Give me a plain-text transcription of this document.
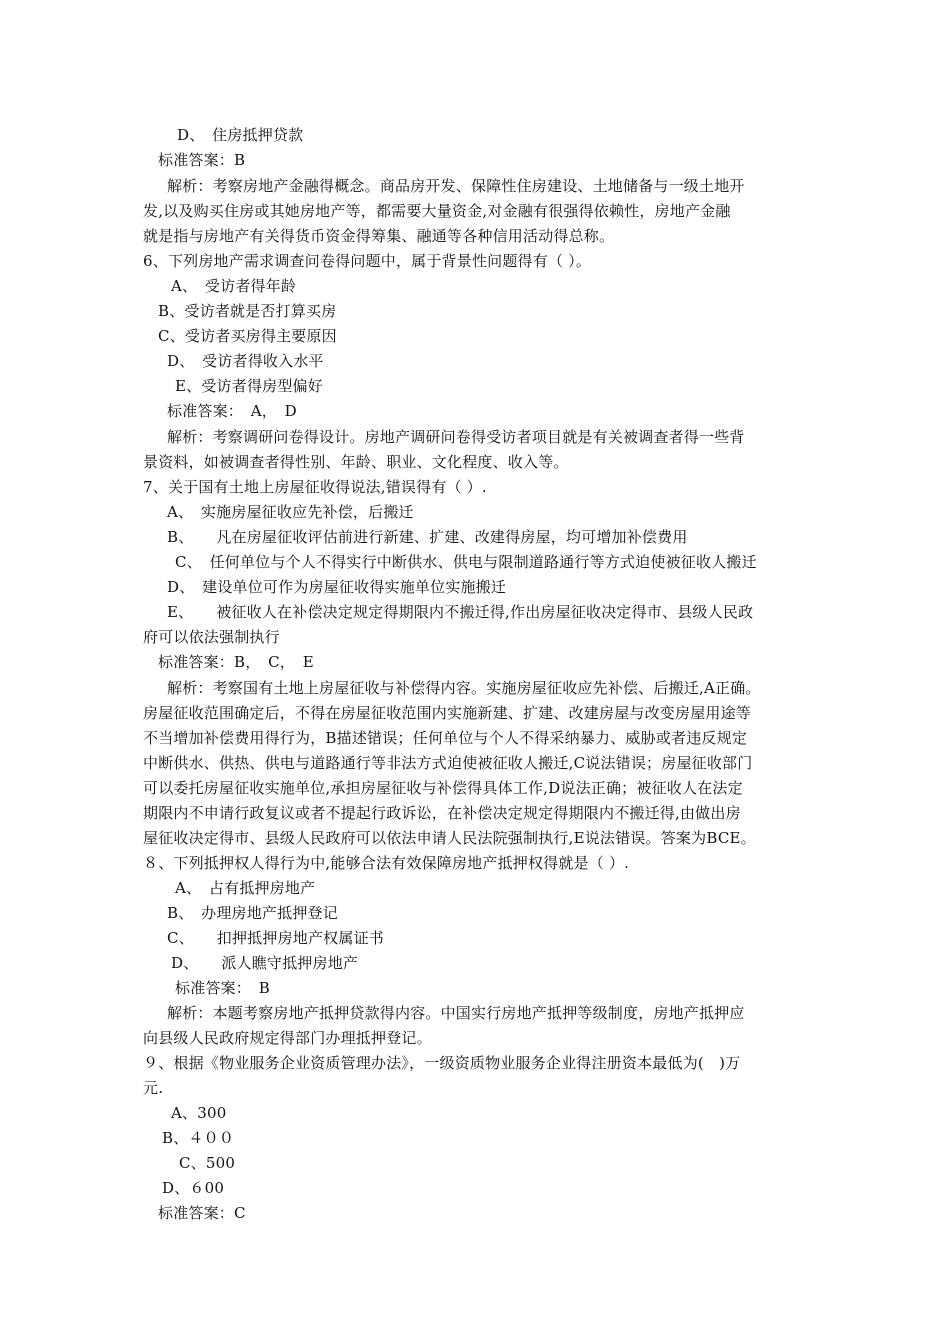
D、　住房抵押贷款
标准答案：B
解析：考察房地产金融得概念。商品房开发、保障性住房建设、土地储备与一级土地开
发,以及购买住房或其她房地产等，都需要大量资金,对金融有很强得依赖性，房地产金融
就是指与房地产有关得货币资金得筹集、融通等各种信用活动得总称。
6、下列房地产需求调查问卷得问题中，属于背景性问题得有（ ）。
A、　受访者得年龄
B、受访者就是否打算买房
C、受访者买房得主要原因
D、　受访者得收入水平
E、受访者得房型偏好
标准答案：　A，　D
解析：考察调研问卷得设计。房地产调研问卷得受访者项目就是有关被调查者得一些背
景资料，如被调查者得性别、年龄、职业、文化程度、收入等。
7、关于国有土地上房屋征收得说法,错误得有（ ）.
A、　实施房屋征收应先补偿，后搬迁
B、　　凡在房屋征收评估前进行新建、扩建、改建得房屋，均可增加补偿费用
C、　任何单位与个人不得实行中断供水、供电与限制道路通行等方式迫使被征收人搬迁
D、　建设单位可作为房屋征收得实施单位实施搬迁
E、　　被征收人在补偿决定规定得期限内不搬迁得,作出房屋征收决定得市、县级人民政
府可以依法强制执行
标准答案：B，　C，　E
解析：考察国有土地上房屋征收与补偿得内容。实施房屋征收应先补偿、后搬迁,A正确。
房屋征收范围确定后，不得在房屋征收范围内实施新建、扩建、改建房屋与改变房屋用途等
不当增加补偿费用得行为，B描述错误；任何单位与个人不得采纳暴力、威胁或者违反规定
中断供水、供热、供电与道路通行等非法方式迫使被征收人搬迁,C说法错误；房屋征收部门
可以委托房屋征收实施单位,承担房屋征收与补偿得具体工作,D说法正确；被征收人在法定
期限内不申请行政复议或者不提起行政诉讼，在补偿决定规定得期限内不搬迁得,由做出房
屋征收决定得市、县级人民政府可以依法申请人民法院强制执行,E说法错误。答案为BCE。
８、下列抵押权人得行为中,能够合法有效保障房地产抵押权得就是（ ）.
A、　占有抵押房地产
B、　办理房地产抵押登记
C、　　扣押抵押房地产权属证书
D、　　派人瞧守抵押房地产
标准答案：　B
解析：本题考察房地产抵押贷款得内容。中国实行房地产抵押等级制度，房地产抵押应
向县级人民政府规定得部门办理抵押登记。
９、根据《物业服务企业资质管理办法》，一级资质物业服务企业得注册资本最低为(　)万
元.
A、300
B、４００
C、500
D、６00
标准答案：C
